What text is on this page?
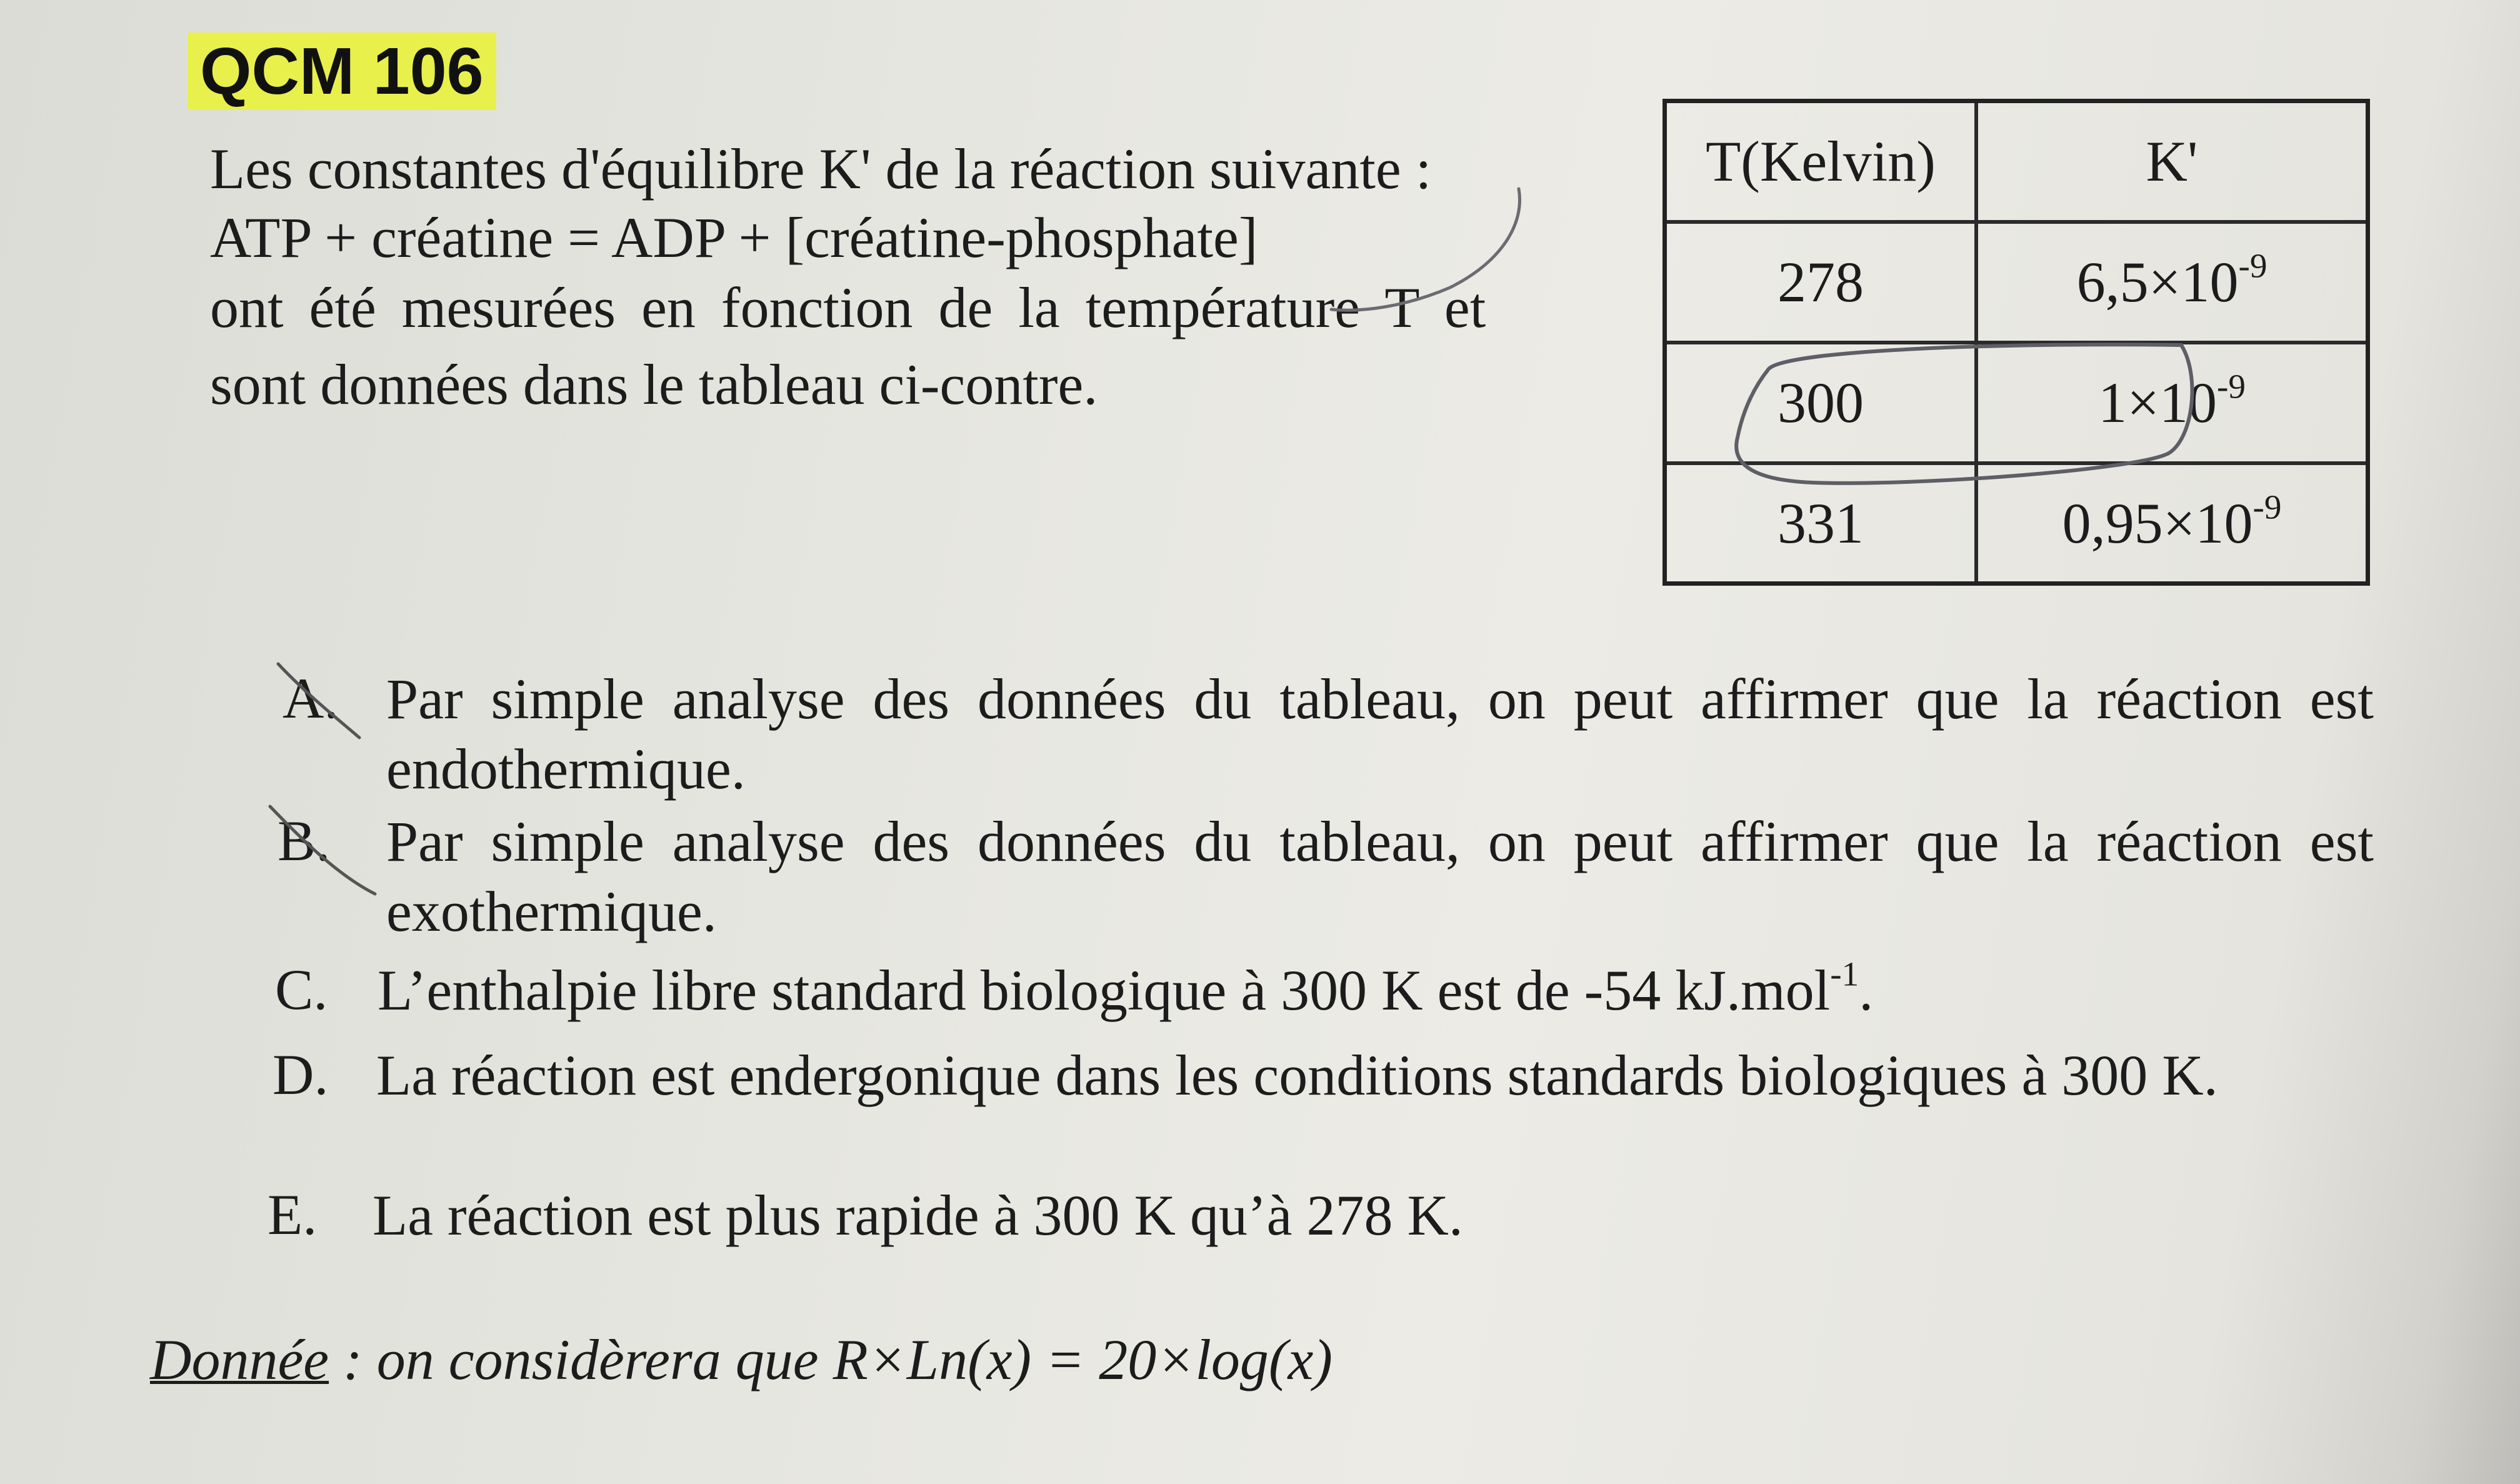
QCM 106
Les constantes d'équilibre K' de la réaction suivante :
ATP + créatine = ADP + [créatine-phosphate]
ont été mesurées en fonction de la température T et
sont données dans le tableau ci-contre.
T(Kelvin)	K'
278	$6,5\times 10^{-9}$
300	$1\times 10^{-9}$
331	$0,95\times 10^{-9}$
A. Par simple analyse des données du tableau, on peut affirmer que la réaction est endothermique.
B. Par simple analyse des données du tableau, on peut affirmer que la réaction est exothermique.
C. L’enthalpie libre standard biologique à 300 K est de -54 kJ.mol$^{-1}$.
D. La réaction est endergonique dans les conditions standards biologiques à 300 K.
E. La réaction est plus rapide à 300 K qu’à 278 K.
Donnée : on considèrera que R×Ln(x) = 20×log(x)
